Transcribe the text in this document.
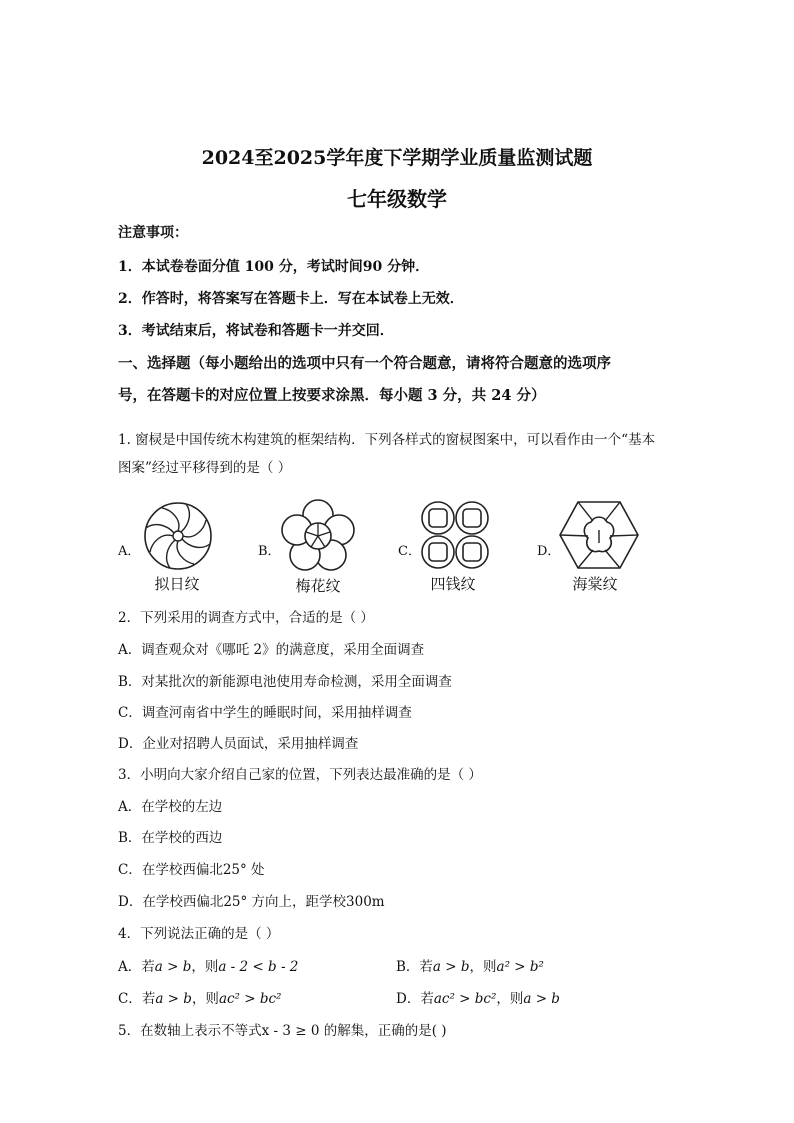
2024至2025学年度下学期学业质量监测试题
七年级数学
注意事项：
1．本试卷卷面分值 100 分，考试时间90 分钟．
2．作答时，将答案写在答题卡上．写在本试卷上无效．
3．考试结束后，将试卷和答题卡一并交回．
一、选择题（每小题给出的选项中只有一个符合题意，请将符合题意的选项序
号，在答题卡的对应位置上按要求涂黑．每小题 3 分，共 24 分）
1. 窗棂是中国传统木构建筑的框架结构．下列各样式的窗棂图案中，可以看作由一个“基本
图案”经过平移得到的是（ ）
A．	B．	C．	D．
拟日纹	梅花纹	四钱纹	海棠纹
2．下列采用的调查方式中，合适的是（ ）
A．调查观众对《哪吒 2》的满意度，采用全面调查
B．对某批次的新能源电池使用寿命检测，采用全面调查
C．调查河南省中学生的睡眠时间，采用抽样调查
D．企业对招聘人员面试，采用抽样调查
3．小明向大家介绍自己家的位置，下列表达最准确的是（ ）
A．在学校的左边
B．在学校的西边
C．在学校西偏北25° 处
D．在学校西偏北25° 方向上，距学校300m
4．下列说法正确的是（ ）
A．若a > b，则a - 2 < b - 2	B．若a > b，则a² > b²
C．若a > b，则ac² > bc²	D．若ac² > bc²，则a > b
5．在数轴上表示不等式x - 3 ≥ 0 的解集，正确的是( )
